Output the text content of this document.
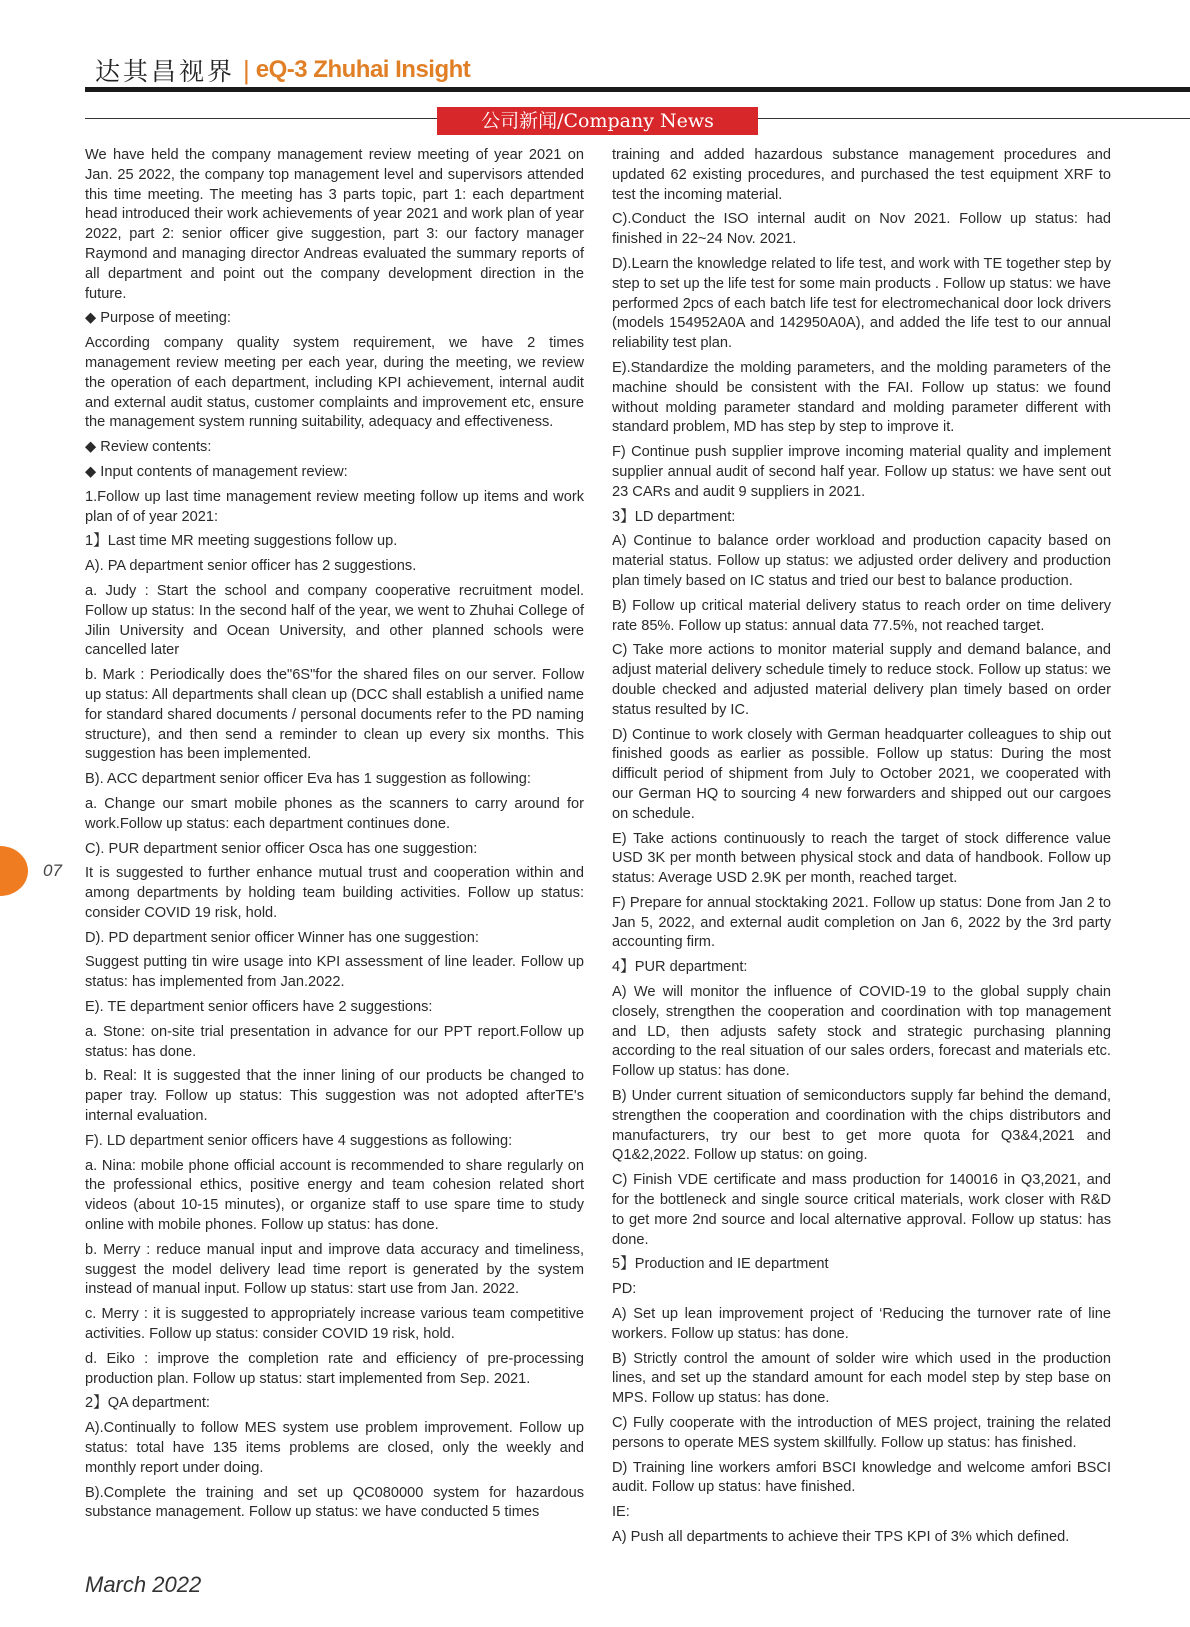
达其昌视界 | eQ-3 Zhuhai Insight
公司新闻/Company News

We have held the company management review meeting of year 2021 on Jan. 25 2022, the company top management level and supervisors attended this time meeting. The meeting has 3 parts topic, part 1: each department head introduced their work achievements of year 2021 and work plan of year 2022, part 2: senior officer give suggestion, part 3: our factory manager Raymond and managing director Andreas evaluated the summary reports of all department and point out the company development direction in the future.

◆ Purpose of meeting:

According company quality system requirement, we have 2 times management review meeting per each year, during the meeting, we review the operation of each department, including KPI achievement, internal audit and external audit status, customer complaints and improvement etc, ensure the management system running suitability, adequacy and effectiveness.

◆ Review contents:

◆ Input contents of management review:

1.Follow up last time management review meeting follow up items and work plan of of year 2021:

1】Last time MR meeting suggestions follow up.

A). PA department senior officer has 2 suggestions.

a. Judy : Start the school and company cooperative recruitment model. Follow up status: In the second half of the year, we went to Zhuhai College of Jilin University and Ocean University, and other planned schools were cancelled later

b. Mark : Periodically does the"6S"for the shared files on our server. Follow up status: All departments shall clean up (DCC shall establish a unified name for standard shared documents / personal documents refer to the PD naming structure), and then send a reminder to clean up every six months. This suggestion has been implemented.

B). ACC department senior officer Eva has 1 suggestion as following:

a. Change our smart mobile phones as the scanners to carry around for work.Follow up status: each department continues done.

C). PUR department senior officer Osca has one suggestion:

It is suggested to further enhance mutual trust and cooperation within and among departments by holding team building activities. Follow up status: consider COVID 19 risk, hold.

D). PD department senior officer Winner has one suggestion:

Suggest putting tin wire usage into KPI assessment of line leader. Follow up status: has implemented from Jan.2022.

E). TE department senior officers have 2 suggestions:

a. Stone: on-site trial presentation in advance for our PPT report.Follow up status: has done.

b. Real: It is suggested that the inner lining of our products be changed to paper tray. Follow up status: This suggestion was not adopted afterTE's internal evaluation.

F). LD department senior officers have 4 suggestions as following:

a. Nina: mobile phone official account is recommended to share regularly on the professional ethics, positive energy and team cohesion related short videos (about 10-15 minutes), or organize staff to use spare time to study online with mobile phones. Follow up status: has done.

b. Merry : reduce manual input and improve data accuracy and timeliness, suggest the model delivery lead time report is generated by the system instead of manual input. Follow up status: start use from Jan. 2022.

c. Merry : it is suggested to appropriately increase various team competitive activities. Follow up status: consider COVID 19 risk, hold.

d. Eiko : improve the completion rate and efficiency of pre-processing production plan. Follow up status: start implemented from Sep. 2021.

2】QA department:

A).Continually to follow MES system use problem improvement. Follow up status: total have 135 items problems are closed, only the weekly and monthly report under doing.

B).Complete the training and set up QC080000 system for hazardous substance management. Follow up status: we have conducted 5 times

training and added hazardous substance management procedures and updated 62 existing procedures, and purchased the test equipment XRF to test the incoming material.

C).Conduct the ISO internal audit on Nov 2021. Follow up status: had finished in 22~24 Nov. 2021.

D).Learn the knowledge related to life test, and work with TE together step by step to set up the life test for some main products . Follow up status: we have performed 2pcs of each batch life test for electromechanical door lock drivers (models 154952A0A and 142950A0A), and added the life test to our annual reliability test plan.

E).Standardize the molding parameters, and the molding parameters of the machine should be consistent with the FAI. Follow up status: we found without molding parameter standard and molding parameter different with standard problem, MD has step by step to improve it.

F) Continue push supplier improve incoming material quality and implement supplier annual audit of second half year. Follow up status: we have sent out 23 CARs and audit 9 suppliers in 2021.

3】LD department:

A) Continue to balance order workload and production capacity based on material status. Follow up status: we adjusted order delivery and production plan timely based on IC status and tried our best to balance production.

B) Follow up critical material delivery status to reach order on time delivery rate 85%. Follow up status: annual data 77.5%, not reached target.

C) Take more actions to monitor material supply and demand balance, and adjust material delivery schedule timely to reduce stock. Follow up status: we double checked and adjusted material delivery plan timely based on order status resulted by IC.

D) Continue to work closely with German headquarter colleagues to ship out finished goods as earlier as possible. Follow up status: During the most difficult period of shipment from July to October 2021, we cooperated with our German HQ to sourcing 4 new forwarders and shipped out our cargoes on schedule.

E) Take actions continuously to reach the target of stock difference value USD 3K per month between physical stock and data of handbook. Follow up status: Average USD 2.9K per month, reached target.

F) Prepare for annual stocktaking 2021. Follow up status: Done from Jan 2 to Jan 5, 2022, and external audit completion on Jan 6, 2022 by the 3rd party accounting firm.

4】PUR department:

A) We will monitor the influence of COVID-19 to the global supply chain closely, strengthen the cooperation and coordination with top management and LD, then adjusts safety stock and strategic purchasing planning according to the real situation of our sales orders, forecast and materials etc. Follow up status: has done.

B) Under current situation of semiconductors supply far behind the demand, strengthen the cooperation and coordination with the chips distributors and manufacturers, try our best to get more quota for Q3&4,2021 and Q1&2,2022. Follow up status: on going.

C) Finish VDE certificate and mass production for 140016 in Q3,2021, and for the bottleneck and single source critical materials, work closer with R&D to get more 2nd source and local alternative approval. Follow up status: has done.

5】Production and IE department

PD:

A) Set up lean improvement project of ‘Reducing the turnover rate of line workers. Follow up status: has done.

B) Strictly control the amount of solder wire which used in the production lines, and set up the standard amount for each model step by step base on MPS. Follow up status: has done.

C) Fully cooperate with the introduction of MES project, training the related persons to operate MES system skillfully. Follow up status: has finished.

D) Training line workers amfori BSCI knowledge and welcome amfori BSCI audit. Follow up status: have finished.

IE:

A) Push all departments to achieve their TPS KPI of 3% which defined.

07
March 2022
